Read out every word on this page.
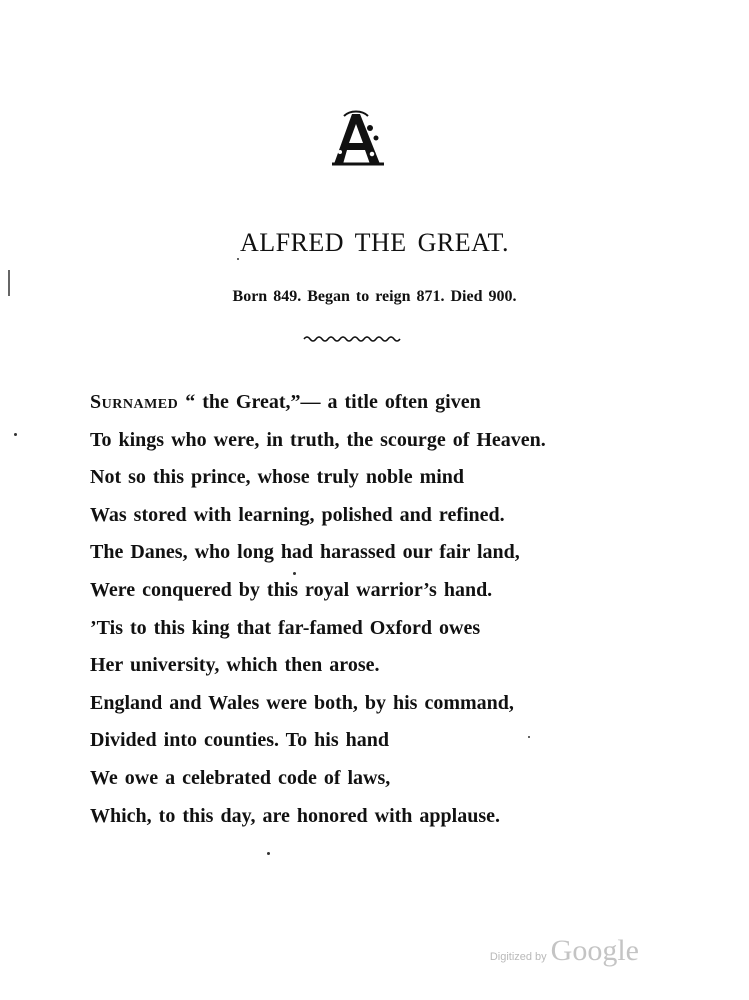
ALFRED THE GREAT.
Born 849. Began to reign 871. Died 900.
Surnamed “ the Great,”— a title often given
To kings who were, in truth, the scourge of Heaven.
Not so this prince, whose truly noble mind
Was stored with learning, polished and refined.
The Danes, who long had harassed our fair land,
Were conquered by this royal warrior’s hand.
’Tis to this king that far-famed Oxford owes
Her university, which then arose.
England and Wales were both, by his command,
Divided into counties. To his hand
We owe a celebrated code of laws,
Which, to this day, are honored with applause.
Digitized by Google
